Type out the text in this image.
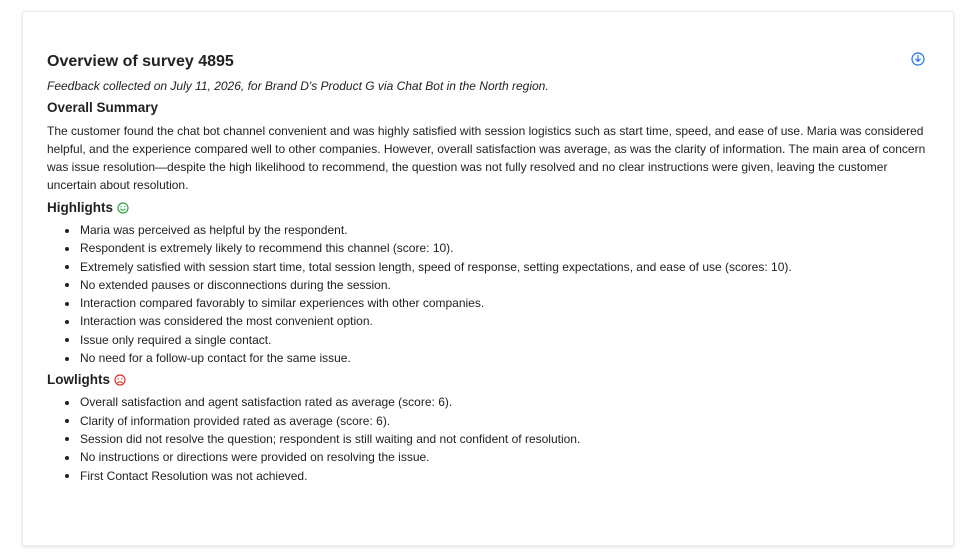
Overview of survey 4895
Feedback collected on July 11, 2026, for Brand D's Product G via Chat Bot in the North region.
Overall Summary

The customer found the chat bot channel convenient and was highly satisfied with session logistics such as start time, speed, and ease of use. Maria was considered helpful, and the experience compared well to other companies. However, overall satisfaction was average, as was the clarity of information. The main area of concern was issue resolution—despite the high likelihood to recommend, the question was not fully resolved and no clear instructions were given, leaving the customer uncertain about resolution.

Highlights
Maria was perceived as helpful by the respondent.
Respondent is extremely likely to recommend this channel (score: 10).
Extremely satisfied with session start time, total session length, speed of response, setting expectations, and ease of use (scores: 10).
No extended pauses or disconnections during the session.
Interaction compared favorably to similar experiences with other companies.
Interaction was considered the most convenient option.
Issue only required a single contact.
No need for a follow-up contact for the same issue.
Lowlights
Overall satisfaction and agent satisfaction rated as average (score: 6).
Clarity of information provided rated as average (score: 6).
Session did not resolve the question; respondent is still waiting and not confident of resolution.
No instructions or directions were provided on resolving the issue.
First Contact Resolution was not achieved.
